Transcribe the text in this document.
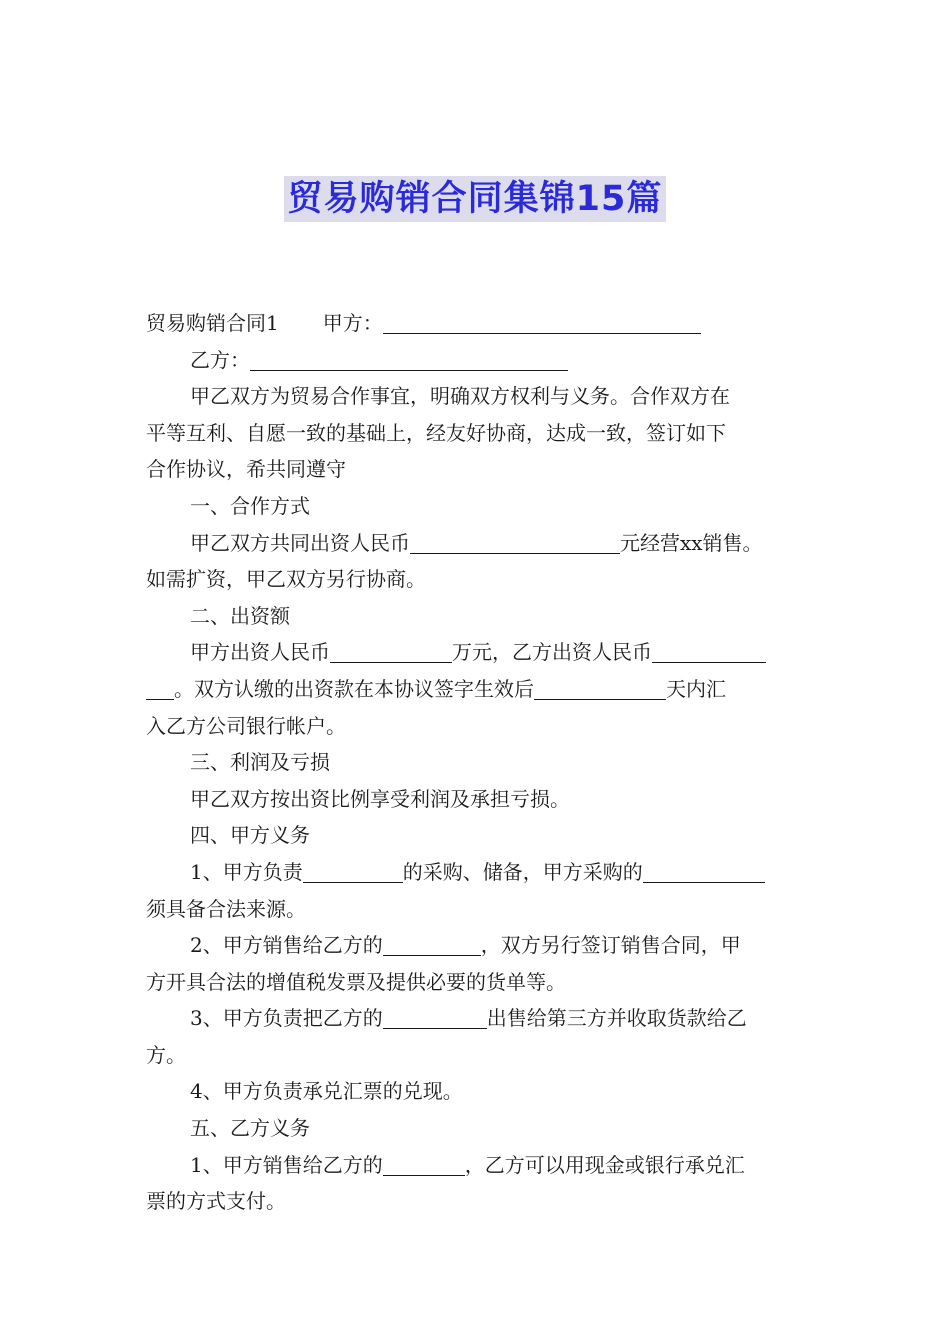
贸易购销合同集锦15篇

贸易购销合同1 甲方：

乙方：

甲乙双方为贸易合作事宜，明确双方权利与义务。合作双方在

平等互利、自愿一致的基础上，经友好协商，达成一致，签订如下

合作协议，希共同遵守

一、合作方式

甲乙双方共同出资人民币	元经营xx销售。

如需扩资，甲乙双方另行协商。

二、出资额

甲方出资人民币	万元，乙方出资人民币

。双方认缴的出资款在本协议签字生效后	天内汇

入乙方公司银行帐户。

三、利润及亏损

甲乙双方按出资比例享受利润及承担亏损。

四、甲方义务

1、甲方负责	的采购、储备，甲方采购的

须具备合法来源。

2、甲方销售给乙方的	，双方另行签订销售合同，甲

方开具合法的增值税发票及提供必要的货单等。

3、甲方负责把乙方的	出售给第三方并收取货款给乙

方。

4、甲方负责承兑汇票的兑现。

五、乙方义务

1、甲方销售给乙方的	，乙方可以用现金或银行承兑汇

票的方式支付。
